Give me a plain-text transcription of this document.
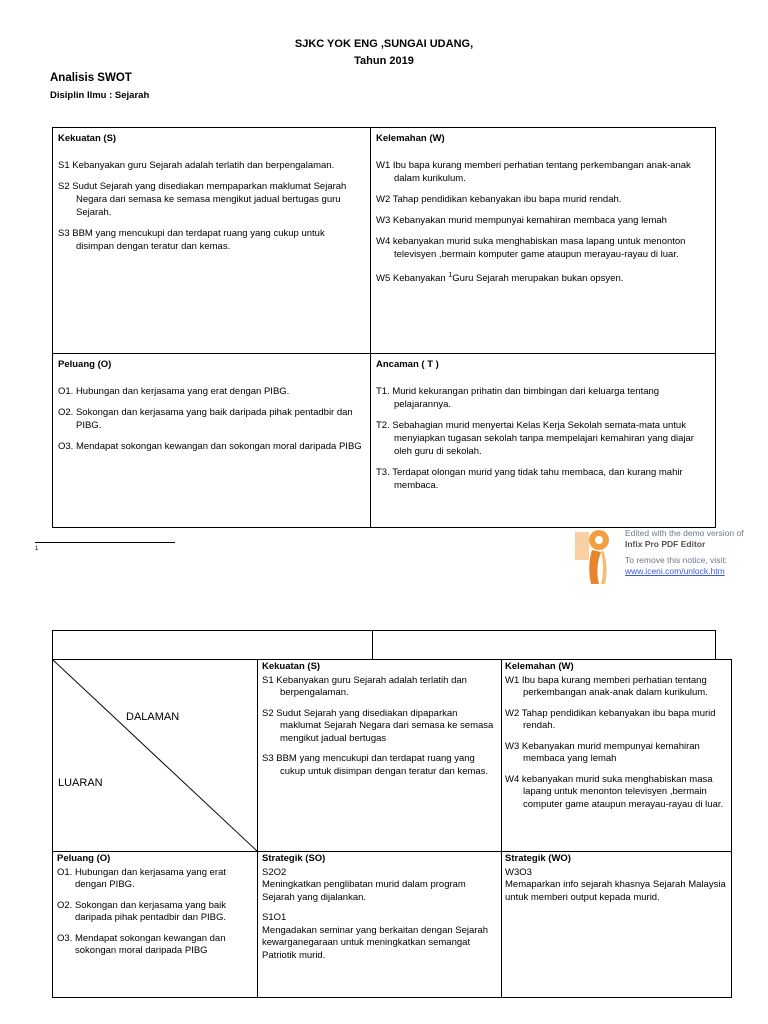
SJKC YOK ENG ,SUNGAI UDANG,
Tahun 2019
Analisis SWOT
Disiplin Ilmu : Sejarah

Kekuatan (S)

S1 Kebanyakan guru Sejarah adalah terlatih dan berpengalaman.

S2 Sudut Sejarah yang disediakan mempaparkan maklumat Sejarah Negara dari semasa ke semasa mengikut jadual bertugas guru Sejarah.

S3 BBM yang mencukupi dan terdapat ruang yang cukup untuk disimpan dengan teratur dan kemas.

Kelemahan (W)

W1 Ibu bapa kurang memberi perhatian tentang perkembangan anak-anak dalam kurikulum.

W2 Tahap pendidikan kebanyakan ibu bapa murid rendah.

W3 Kebanyakan murid mempunyai kemahiran membaca yang lemah

W4 kebanyakan murid suka menghabiskan masa lapang untuk menonton televisyen ,bermain komputer game ataupun merayau-rayau di luar.

W5 Kebanyakan $^1$Guru Sejarah merupakan bukan opsyen.

Peluang (O)

O1. Hubungan dan kerjasama yang erat dengan PIBG.

O2. Sokongan dan kerjasama yang baik daripada pihak pentadbir dan PIBG.

O3. Mendapat sokongan kewangan dan sokongan moral daripada PIBG

Ancaman ( T )

T1. Murid kekurangan prihatin dan bimbingan dari keluarga tentang pelajarannya.

T2. Sebahagian murid menyertai Kelas Kerja Sekolah semata-mata untuk menyiapkan tugasan sekolah tanpa mempelajari kemahiran yang diajar oleh guru di sekolah.

T3. Terdapat olongan murid yang tidak tahu membaca, dan kurang mahir membaca.

1
Edited with the demo version of
Infix Pro PDF Editor
To remove this notice, visit:
www.iceni.com/unlock.htm
DALAMAN
LUARAN

Kekuatan (S)

S1 Kebanyakan guru Sejarah adalah terlatih dan berpengalaman.

S2 Sudut Sejarah yang disediakan dipaparkan maklumat Sejarah Negara dari semasa ke semasa mengikut jadual bertugas

S3 BBM yang mencukupi dan terdapat ruang yang cukup untuk disimpan dengan teratur dan kemas.

Kelemahan (W)

W1 Ibu bapa kurang memberi perhatian tentang perkembangan anak-anak dalam kurikulum.

W2 Tahap pendidikan kebanyakan ibu bapa murid rendah.

W3 Kebanyakan murid mempunyai kemahiran membaca yang lemah

W4 kebanyakan murid suka menghabiskan masa lapang untuk menonton televisyen ,bermain computer game ataupun merayau-rayau di luar.

Peluang (O)

O1. Hubungan dan kerjasama yang erat dengan PIBG.

O2. Sokongan dan kerjasama yang baik daripada pihak pentadbir dan PIBG.

O3. Mendapat sokongan kewangan dan sokongan moral daripada PIBG

Strategik (SO)

S2O2

Meningkatkan penglibatan murid dalam program Sejarah yang dijalankan.

S1O1

Mengadakan seminar yang berkaitan dengan Sejarah kewarganegaraan untuk meningkatkan semangat Patriotik murid.

Strategik (WO)

W3O3

Memaparkan info sejarah khasnya Sejarah Malaysia untuk memberi output kepada murid.
